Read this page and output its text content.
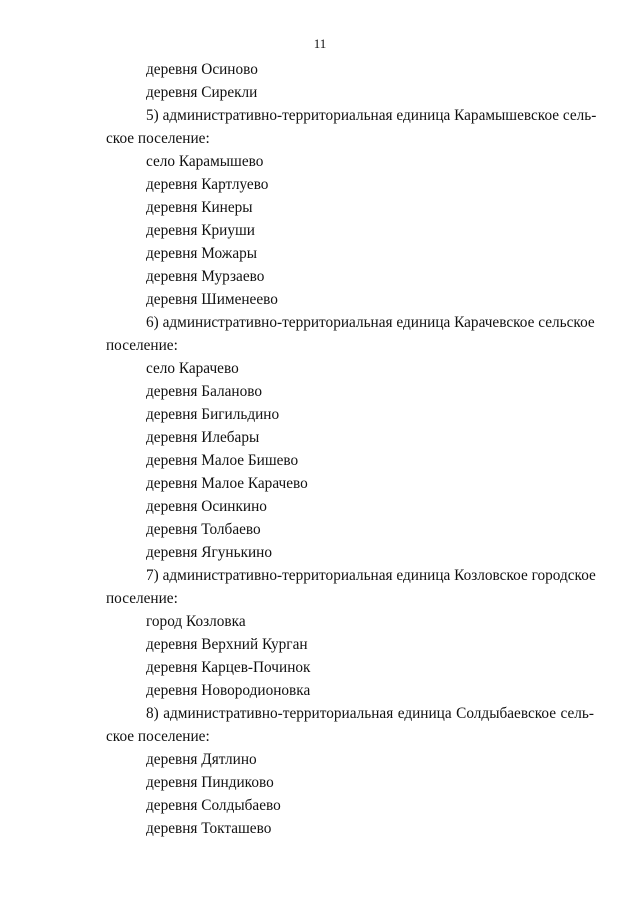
11
деревня Осиново
деревня Сирекли
5) административно-территориальная единица Карамышевское сель-
ское поселение:
село Карамышево
деревня Картлуево
деревня Кинеры
деревня Криуши
деревня Можары
деревня Мурзаево
деревня Шименеево
6) административно-территориальная единица Карачевское сельское
поселение:
село Карачево
деревня Баланово
деревня Бигильдино
деревня Илебары
деревня Малое Бишево
деревня Малое Карачево
деревня Осинкино
деревня Толбаево
деревня Ягунькино
7) административно-территориальная единица Козловское городское
поселение:
город Козловка
деревня Верхний Курган
деревня Карцев-Починок
деревня Новородионовка
8) административно-территориальная единица Солдыбаевское сель-
ское поселение:
деревня Дятлино
деревня Пиндиково
деревня Солдыбаево
деревня Токташево
